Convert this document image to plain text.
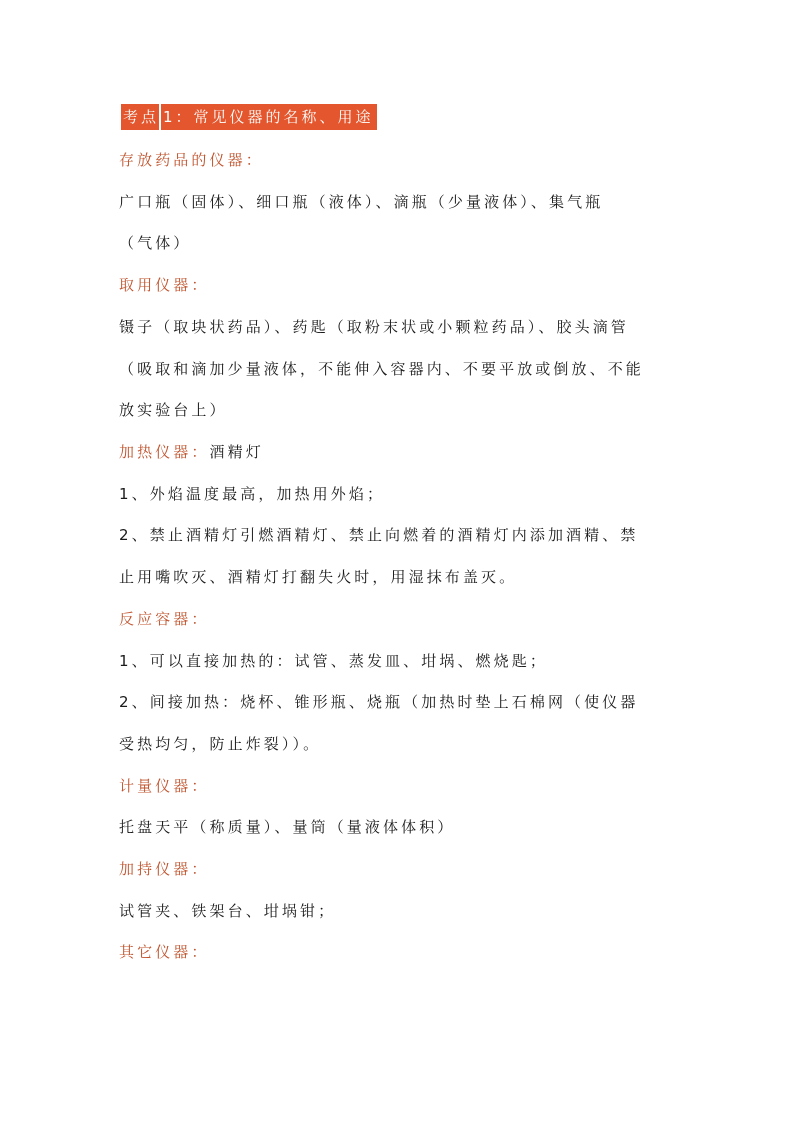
考点 1：常见仪器的名称、用途
存放药品的仪器：
广口瓶（固体）、细口瓶（液体）、滴瓶（少量液体）、集气瓶
（气体）
取用仪器：
镊子（取块状药品）、药匙（取粉末状或小颗粒药品）、胶头滴管
（吸取和滴加少量液体，不能伸入容器内、不要平放或倒放、不能
放实验台上）
加热仪器：酒精灯
1、外焰温度最高，加热用外焰；
2、禁止酒精灯引燃酒精灯、禁止向燃着的酒精灯内添加酒精、禁
止用嘴吹灭、酒精灯打翻失火时，用湿抹布盖灭。
反应容器：
1、可以直接加热的：试管、蒸发皿、坩埚、燃烧匙；
2、间接加热：烧杯、锥形瓶、烧瓶（加热时垫上石棉网（使仪器
受热均匀，防止炸裂））。
计量仪器：
托盘天平（称质量）、量筒（量液体体积）
加持仪器：
试管夹、铁架台、坩埚钳；
其它仪器：
